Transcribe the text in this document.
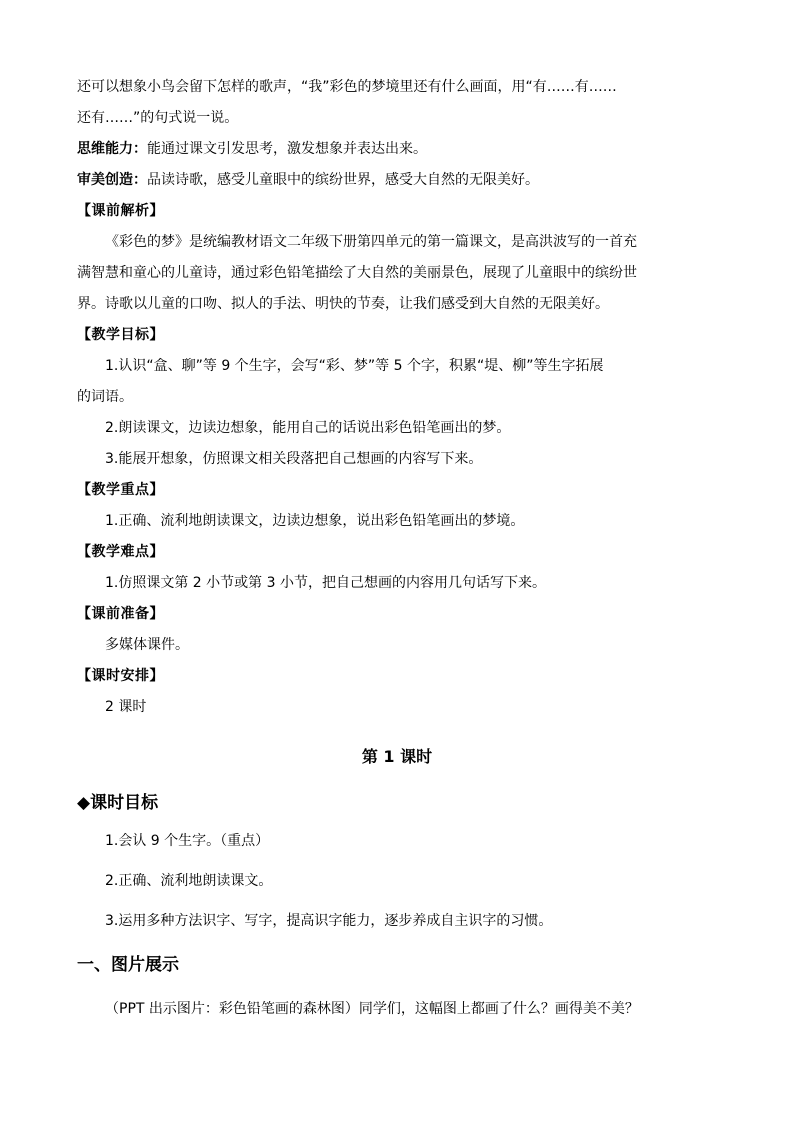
还可以想象小鸟会留下怎样的歌声，“我”彩色的梦境里还有什么画面，用“有……有……

还有……”的句式说一说。

思维能力：能通过课文引发思考，激发想象并表达出来。

审美创造：品读诗歌，感受儿童眼中的缤纷世界，感受大自然的无限美好。

【课前解析】

《彩色的梦》是统编教材语文二年级下册第四单元的第一篇课文，是高洪波写的一首充

满智慧和童心的儿童诗，通过彩色铅笔描绘了大自然的美丽景色，展现了儿童眼中的缤纷世

界。诗歌以儿童的口吻、拟人的手法、明快的节奏，让我们感受到大自然的无限美好。

【教学目标】

1.认识“盒、聊”等 9 个生字，会写“彩、梦”等 5 个字，积累“堤、柳”等生字拓展

的词语。

2.朗读课文，边读边想象，能用自己的话说出彩色铅笔画出的梦。

3.能展开想象，仿照课文相关段落把自己想画的内容写下来。

【教学重点】

1.正确、流利地朗读课文，边读边想象，说出彩色铅笔画出的梦境。

【教学难点】

1.仿照课文第 2 小节或第 3 小节，把自己想画的内容用几句话写下来。

【课前准备】

多媒体课件。

【课时安排】

2 课时

第 1 课时
◆课时目标
1.会认 9 个生字。（重点）
2.正确、流利地朗读课文。
3.运用多种方法识字、写字，提高识字能力，逐步养成自主识字的习惯。
一、图片展示
（PPT 出示图片：彩色铅笔画的森林图）同学们，这幅图上都画了什么？画得美不美？
